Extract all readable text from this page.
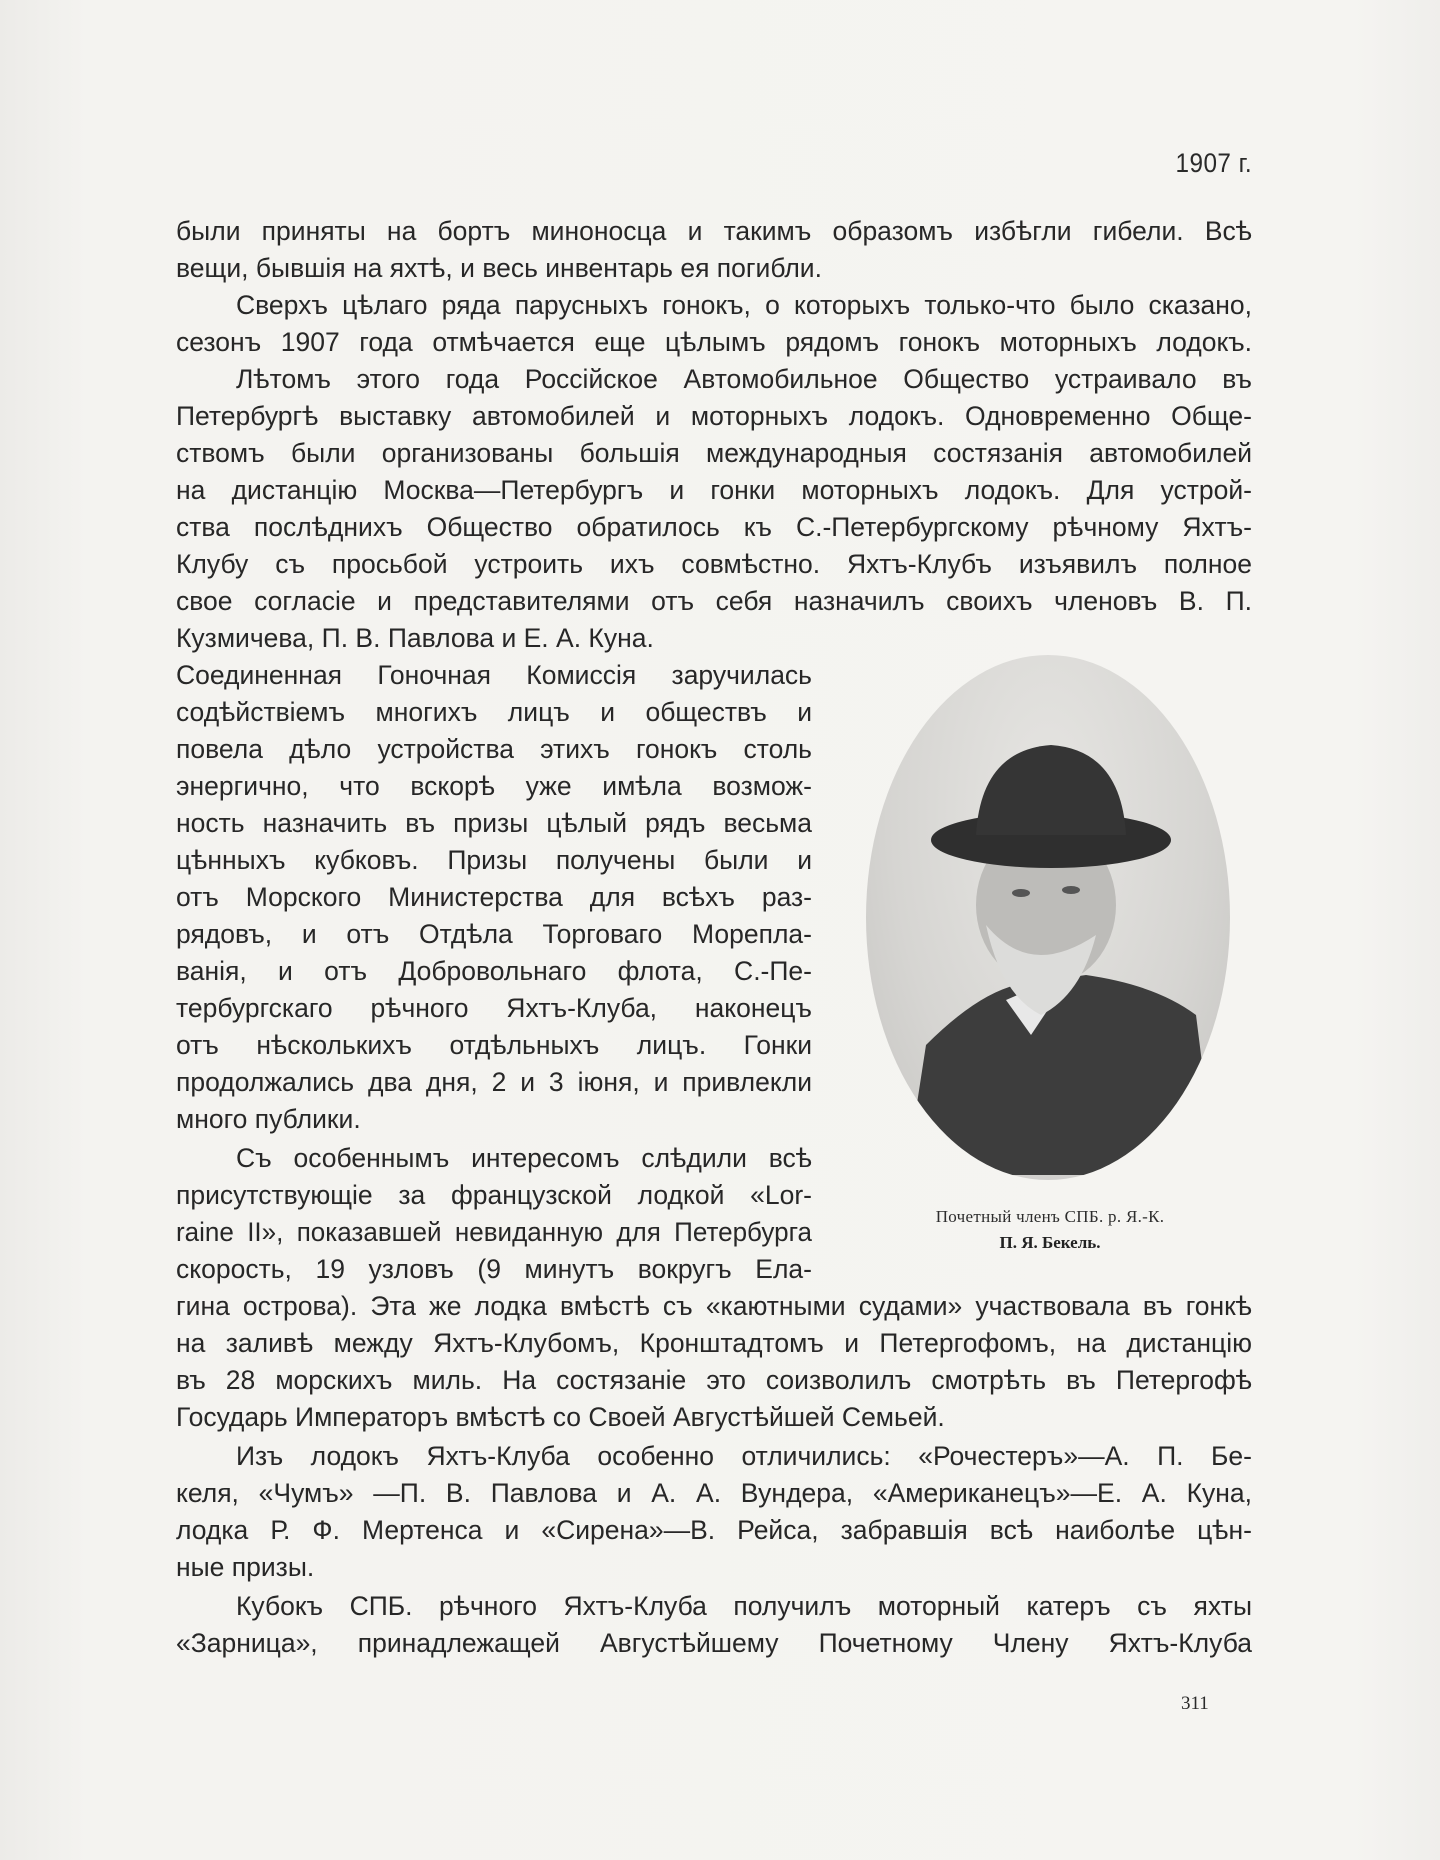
1907 г.
были приняты на бортъ миноносца и такимъ образомъ избѣгли гибели. Всѣ
вещи, бывшія на яхтѣ, и весь инвентарь ея погибли.
Сверхъ цѣлаго ряда парусныхъ гонокъ, о которыхъ только-что было сказано,
сезонъ 1907 года отмѣчается еще цѣлымъ рядомъ гонокъ моторныхъ лодокъ.
Лѣтомъ этого года Россійское Автомобильное Общество устраивало въ
Петербургѣ выставку автомобилей и моторныхъ лодокъ. Одновременно Обще-
ствомъ были организованы большія международныя состязанія автомобилей
на дистанцію Москва—Петербургъ и гонки моторныхъ лодокъ. Для устрой-
ства послѣднихъ Общество обратилось къ С.-Петербургскому рѣчному Яхтъ-
Клубу съ просьбой устроить ихъ совмѣстно. Яхтъ-Клубъ изъявилъ полное
свое согласіе и представителями отъ себя назначилъ своихъ членовъ В. П.
Кузмичева, П. В. Павлова и Е. А. Куна.
Соединенная Гоночная Комиссія заручилась
содѣйствіемъ многихъ лицъ и обществъ и
повела дѣло устройства этихъ гонокъ столь
энергично, что вскорѣ уже имѣла возмож-
ность назначить въ призы цѣлый рядъ весьма
цѣнныхъ кубковъ. Призы получены были и
отъ Морского Министерства для всѣхъ раз-
рядовъ, и отъ Отдѣла Торговаго Морепла-
ванія, и отъ Добровольнаго флота, С.-Пе-
тербургскаго рѣчного Яхтъ-Клуба, наконецъ
отъ нѣсколькихъ отдѣльныхъ лицъ. Гонки
продолжались два дня, 2 и 3 іюня, и привлекли
много публики.
Съ особеннымъ интересомъ слѣдили всѣ
присутствующіе за французской лодкой «Lor-
raine II», показавшей невиданную для Петербурга
скорость, 19 узловъ (9 минутъ вокругъ Ела-
Почетный членъ СПБ. р. Я.-К.
П. Я. Бекель.
гина острова). Эта же лодка вмѣстѣ съ «каютными судами» участвовала въ гонкѣ
на заливѣ между Яхтъ-Клубомъ, Кронштадтомъ и Петергофомъ, на дистанцію
въ 28 морскихъ миль. На состязаніе это соизволилъ смотрѣть въ Петергофѣ
Государь Императоръ вмѣстѣ со Своей Августѣйшей Семьей.
Изъ лодокъ Яхтъ-Клуба особенно отличились: «Рочестеръ»—А. П. Бе-
келя, «Чумъ» —П. В. Павлова и А. А. Вундера, «Американецъ»—Е. А. Куна,
лодка Р. Ф. Мертенса и «Сирена»—В. Рейса, забравшія всѣ наиболѣе цѣн-
ные призы.
Кубокъ СПБ. рѣчного Яхтъ-Клуба получилъ моторный катеръ съ яхты
«Зарница», принадлежащей Августѣйшему Почетному Члену Яхтъ-Клуба
311
